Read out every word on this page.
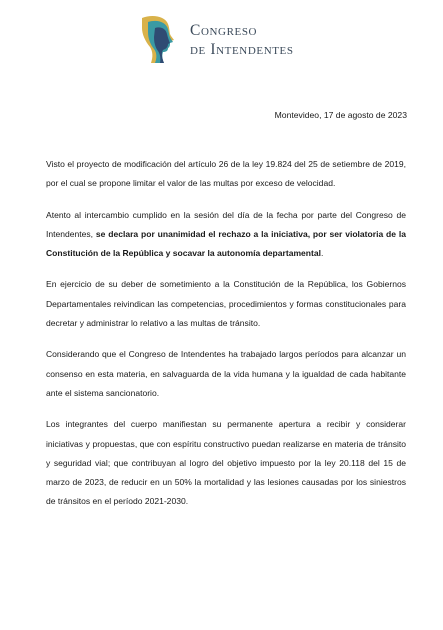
Congreso
de Intendentes
Montevideo, 17 de agosto de 2023

Visto el proyecto de modificación del artículo 26 de la ley 19.824 del 25 de setiembre de 2019, por el cual se propone limitar el valor de las multas por exceso de velocidad.

Atento al intercambio cumplido en la sesión del día de la fecha por parte del Congreso de Intendentes, se declara por unanimidad el rechazo a la iniciativa, por ser violatoria de la Constitución de la República y socavar la autonomía departamental.

En ejercicio de su deber de sometimiento a la Constitución de la República, los Gobiernos Departamentales reivindican las competencias, procedimientos y formas constitucionales para decretar y administrar lo relativo a las multas de tránsito.

Considerando que el Congreso de Intendentes ha trabajado largos períodos para alcanzar un consenso en esta materia, en salvaguarda de la vida humana y la igualdad de cada habitante ante el sistema sancionatorio.

Los integrantes del cuerpo manifiestan su permanente apertura a recibir y considerar iniciativas y propuestas, que con espíritu constructivo puedan realizarse en materia de tránsito y seguridad vial; que contribuyan al logro del objetivo impuesto por la ley 20.118 del 15 de marzo de 2023, de reducir en un 50% la mortalidad y las lesiones causadas por los siniestros de tránsitos en el período 2021-2030.
